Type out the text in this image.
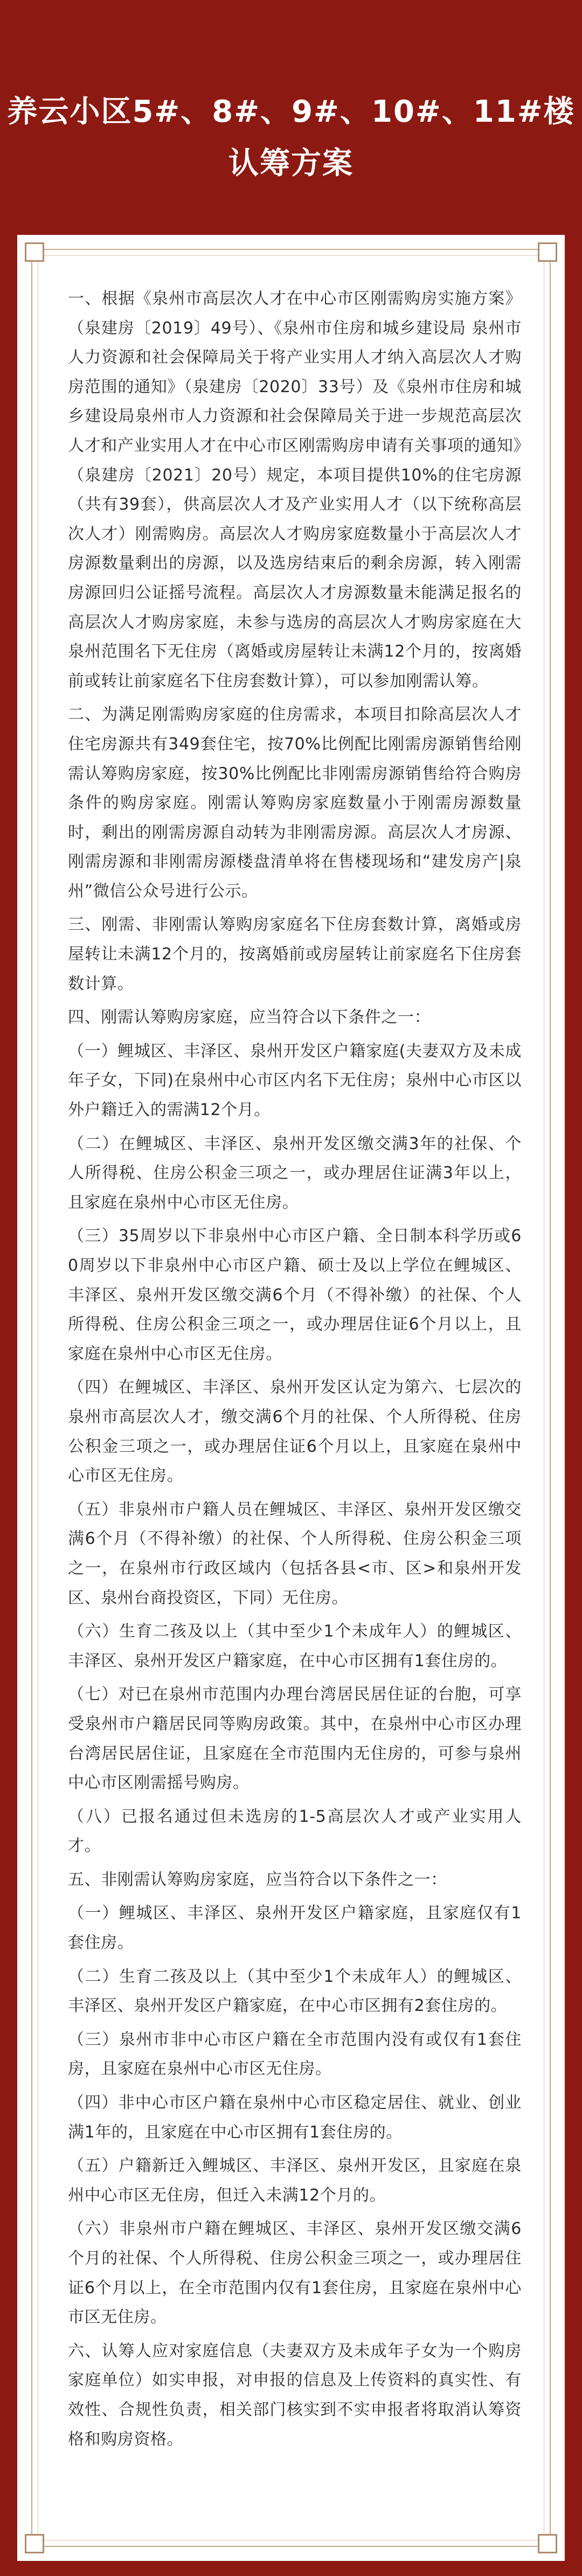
养云小区5#、8#、9#、10#、11#楼
认筹方案

一、根据《泉州市高层次人才在中心市区刚需购房实施方案》（泉建房〔2019〕49号）、《泉州市住房和城乡建设局 泉州市人力资源和社会保障局关于将产业实用人才纳入高层次人才购房范围的通知》（泉建房〔2020〕33号）及《泉州市住房和城乡建设局泉州市人力资源和社会保障局关于进一步规范高层次人才和产业实用人才在中心市区刚需购房申请有关事项的通知》（泉建房〔2021〕20号）规定，本项目提供10%的住宅房源（共有39套），供高层次人才及产业实用人才（以下统称高层次人才）刚需购房。高层次人才购房家庭数量小于高层次人才房源数量剩出的房源，以及选房结束后的剩余房源，转入刚需房源回归公证摇号流程。高层次人才房源数量未能满足报名的高层次人才购房家庭，未参与选房的高层次人才购房家庭在大泉州范围名下无住房（离婚或房屋转让未满12个月的，按离婚前或转让前家庭名下住房套数计算），可以参加刚需认筹。

二、为满足刚需购房家庭的住房需求，本项目扣除高层次人才住宅房源共有349套住宅，按70%比例配比刚需房源销售给刚需认筹购房家庭，按30%比例配比非刚需房源销售给符合购房条件的购房家庭。刚需认筹购房家庭数量小于刚需房源数量时，剩出的刚需房源自动转为非刚需房源。高层次人才房源、刚需房源和非刚需房源楼盘清单将在售楼现场和“建发房产|泉州”微信公众号进行公示。

三、刚需、非刚需认筹购房家庭名下住房套数计算，离婚或房屋转让未满12个月的，按离婚前或房屋转让前家庭名下住房套数计算。

四、刚需认筹购房家庭，应当符合以下条件之一：

（一）鲤城区、丰泽区、泉州开发区户籍家庭(夫妻双方及未成年子女，下同)在泉州中心市区内名下无住房；泉州中心市区以外户籍迁入的需满12个月。

（二）在鲤城区、丰泽区、泉州开发区缴交满3年的社保、个人所得税、住房公积金三项之一，或办理居住证满3年以上，且家庭在泉州中心市区无住房。

（三）35周岁以下非泉州中心市区户籍、全日制本科学历或60周岁以下非泉州中心市区户籍、硕士及以上学位在鲤城区、丰泽区、泉州开发区缴交满6个月（不得补缴）的社保、个人所得税、住房公积金三项之一，或办理居住证6个月以上，且家庭在泉州中心市区无住房。

（四）在鲤城区、丰泽区、泉州开发区认定为第六、七层次的泉州市高层次人才，缴交满6个月的社保、个人所得税、住房公积金三项之一，或办理居住证6个月以上，且家庭在泉州中心市区无住房。

（五）非泉州市户籍人员在鲤城区、丰泽区、泉州开发区缴交满6个月（不得补缴）的社保、个人所得税、住房公积金三项之一，在泉州市行政区域内（包括各县<市、区>和泉州开发区、泉州台商投资区，下同）无住房。

（六）生育二孩及以上（其中至少1个未成年人）的鲤城区、丰泽区、泉州开发区户籍家庭，在中心市区拥有1套住房的。

（七）对已在泉州市范围内办理台湾居民居住证的台胞，可享受泉州市户籍居民同等购房政策。其中，在泉州中心市区办理台湾居民居住证，且家庭在全市范围内无住房的，可参与泉州中心市区刚需摇号购房。

（八）已报名通过但未选房的1-5高层次人才或产业实用人才。

五、非刚需认筹购房家庭，应当符合以下条件之一：

（一）鲤城区、丰泽区、泉州开发区户籍家庭，且家庭仅有1套住房。

（二）生育二孩及以上（其中至少1个未成年人）的鲤城区、丰泽区、泉州开发区户籍家庭，在中心市区拥有2套住房的。

（三）泉州市非中心市区户籍在全市范围内没有或仅有1套住房，且家庭在泉州中心市区无住房。

（四）非中心市区户籍在泉州中心市区稳定居住、就业、创业满1年的，且家庭在中心市区拥有1套住房的。

（五）户籍新迁入鲤城区、丰泽区、泉州开发区，且家庭在泉州中心市区无住房，但迁入未满12个月的。

（六）非泉州市户籍在鲤城区、丰泽区、泉州开发区缴交满6个月的社保、个人所得税、住房公积金三项之一，或办理居住证6个月以上，在全市范围内仅有1套住房，且家庭在泉州中心市区无住房。

六、认筹人应对家庭信息（夫妻双方及未成年子女为一个购房家庭单位）如实申报，对申报的信息及上传资料的真实性、有效性、合规性负责，相关部门核实到不实申报者将取消认筹资格和购房资格。
